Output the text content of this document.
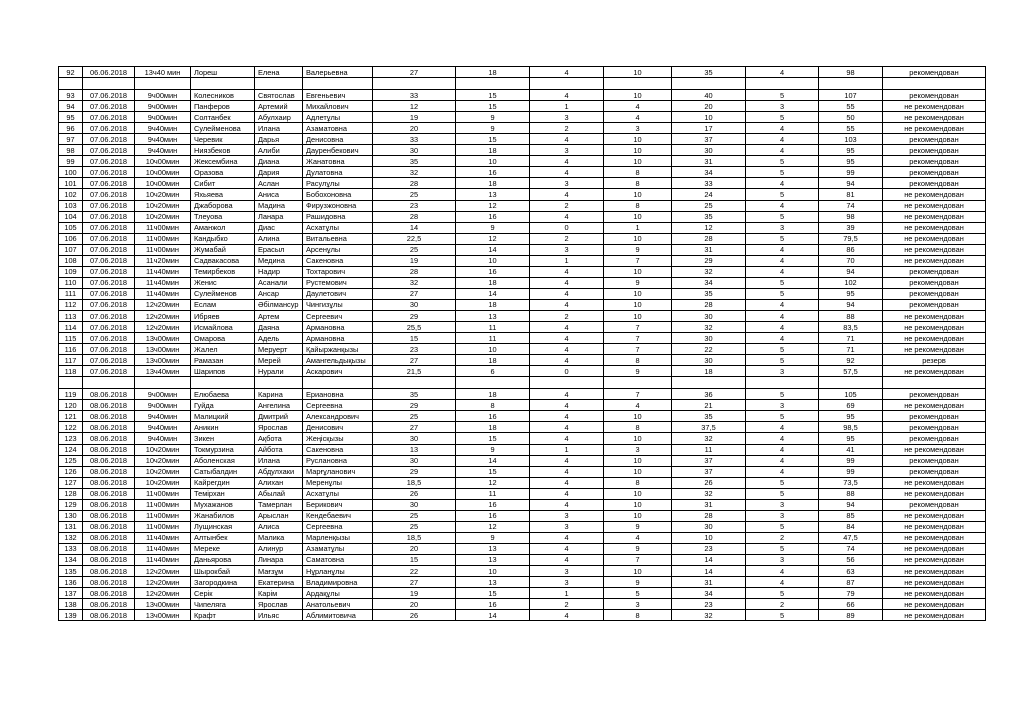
92	06.06.2018	13ч40 мин	Лореш	Елена	Валерьевна	27	18	4	10	35	4	98	рекомендован

93	07.06.2018	9ч00мин	Колесников	Святослав	Евгеньевич	33	15	4	10	40	5	107	рекомендован
94	07.06.2018	9ч00мин	Панферов	Артемий	Михайлович	12	15	1	4	20	3	55	не рекомендован
95	07.06.2018	9ч00мин	Солтанбек	Абулхаир	Адлетұлы	19	9	3	4	10	5	50	не рекомендован
96	07.06.2018	9ч40мин	Сулейменова	Илана	Азаматовна	20	9	2	3	17	4	55	не рекомендован
97	07.06.2018	9ч40мин	Черевик	Дарья	Денисовна	33	15	4	10	37	4	103	рекомендован
98	07.06.2018	9ч40мин	Ниязбеков	Алиби	Дауренбекович	30	18	3	10	30	4	95	рекомендован
99	07.06.2018	10ч00мин	Жексембина	Диана	Жанатовна	35	10	4	10	31	5	95	рекомендован
100	07.06.2018	10ч00мин	Оразова	Дария	Дулатовна	32	16	4	8	34	5	99	рекомендован
101	07.06.2018	10ч00мин	Сибит	Аслан	Расулұлы	28	18	3	8	33	4	94	рекомендован
102	07.06.2018	10ч20мин	Яхьяева	Аниса	Бобохоновна	25	13	4	10	24	5	81	не рекомендован
103	07.06.2018	10ч20мин	Джаборова	Мадина	Фирузжоновна	23	12	2	8	25	4	74	не рекомендован
104	07.06.2018	10ч20мин	Тлеуова	Ланара	Рашидовна	28	16	4	10	35	5	98	не рекомендован
105	07.06.2018	11ч00мин	Аманжол	Диас	Асхатұлы	14	9	0	1	12	3	39	не рекомендован
106	07.06.2018	11ч00мин	Кандыбко	Алина	Витальевна	22,5	12	2	10	28	5	79,5	не рекомендован
107	07.06.2018	11ч00мин	Жумабай	Ерасыл	Арсенұлы	25	14	3	9	31	4	86	не рекомендован
108	07.06.2018	11ч20мин	Садвакасова	Медина	Сакеновна	19	10	1	7	29	4	70	не рекомендован
109	07.06.2018	11ч40мин	Темирбеков	Надир	Тохтарович	28	16	4	10	32	4	94	рекомендован
110	07.06.2018	11ч40мин	Женис	Асанали	Рустемович	32	18	4	9	34	5	102	рекомендован
111	07.06.2018	11ч40мин	Сулейменов	Ансар	Даулетович	27	14	4	10	35	5	95	рекомендован
112	07.06.2018	12ч20мин	Еслам	Әбілмансур	Чингизұлы	30	18	4	10	28	4	94	рекомендован
113	07.06.2018	12ч20мин	Ибряев	Артем	Сергеевич	29	13	2	10	30	4	88	не рекомендован
114	07.06.2018	12ч20мин	Исмайлова	Даяна	Армановна	25,5	11	4	7	32	4	83,5	не рекомендован
115	07.06.2018	13ч00мин	Омарова	Адель	Армановна	15	11	4	7	30	4	71	не рекомендован
116	07.06.2018	13ч00мин	Жалел	Меруерт	Қайыржанқызы	23	10	4	7	22	5	71	не рекомендован
117	07.06.2018	13ч00мин	Рамазан	Мерей	Амангельдықызы	27	18	4	8	30	5	92	резерв
118	07.06.2018	13ч40мин	Шарипов	Нурали	Аскарович	21,5	6	0	9	18	3	57,5	не рекомендован

119	08.06.2018	9ч00мин	Елюбаева	Карина	Ериановна	35	18	4	7	36	5	105	рекомендован
120	08.06.2018	9ч00мин	Гуйда	Ангелина	Сергеевна	29	8	4	4	21	3	69	не рекомендован
121	08.06.2018	9ч40мин	Малицкий	Дмитрий	Александрович	25	16	4	10	35	5	95	рекомендован
122	08.06.2018	9ч40мин	Аникин	Ярослав	Денисович	27	18	4	8	37,5	4	98,5	рекомендован
123	08.06.2018	9ч40мин	Зикен	Ақбота	Жеңісқызы	30	15	4	10	32	4	95	рекомендован
124	08.06.2018	10ч20мин	Токмурзина	Айбота	Сакеновна	13	9	1	3	11	4	41	не рекомендован
125	08.06.2018	10ч20мин	Аболенская	Илана	Руслановна	30	14	4	10	37	4	99	рекомендован
126	08.06.2018	10ч20мин	Сатыбалдин	Абдулхаки	Марғұланович	29	15	4	10	37	4	99	рекомендован
127	08.06.2018	10ч20мин	Кайрегдин	Алихан	Меренұлы	18,5	12	4	8	26	5	73,5	не рекомендован
128	08.06.2018	11ч00мин	Темірхан	Абылай	Асхатұлы	26	11	4	10	32	5	88	не рекомендован
129	08.06.2018	11ч00мин	Мухажанов	Тамерлан	Берикович	30	16	4	10	31	3	94	рекомендован
130	08.06.2018	11ч00мин	Жанабилов	Арыслан	Кендебаевич	25	16	3	10	28	3	85	не рекомендован
131	08.06.2018	11ч00мин	Лущинская	Алиса	Сергеевна	25	12	3	9	30	5	84	не рекомендован
132	08.06.2018	11ч40мин	Алтынбек	Малика	Марленқызы	18,5	9	4	4	10	2	47,5	не рекомендован
133	08.06.2018	11ч40мин	Мереке	Алинур	Азаматұлы	20	13	4	9	23	5	74	не рекомендован
134	08.06.2018	11ч40мин	Даньярова	Линара	Саматовна	15	13	4	7	14	3	56	не рекомендован
135	08.06.2018	12ч20мин	Шырокбай	Мағзұм	Нұрланұлы	22	10	3	10	14	4	63	не рекомендован
136	08.06.2018	12ч20мин	Загородкина	Екатерина	Владимировна	27	13	3	9	31	4	87	не рекомендован
137	08.06.2018	12ч20мин	Серік	Карім	Ардақұлы	19	15	1	5	34	5	79	не рекомендован
138	08.06.2018	13ч00мин	Чипеляга	Ярослав	Анатольевич	20	16	2	3	23	2	66	не рекомендован
139	08.06.2018	13ч00мин	Крафт	Ильяс	Аблимитовича	26	14	4	8	32	5	89	не рекомендован
